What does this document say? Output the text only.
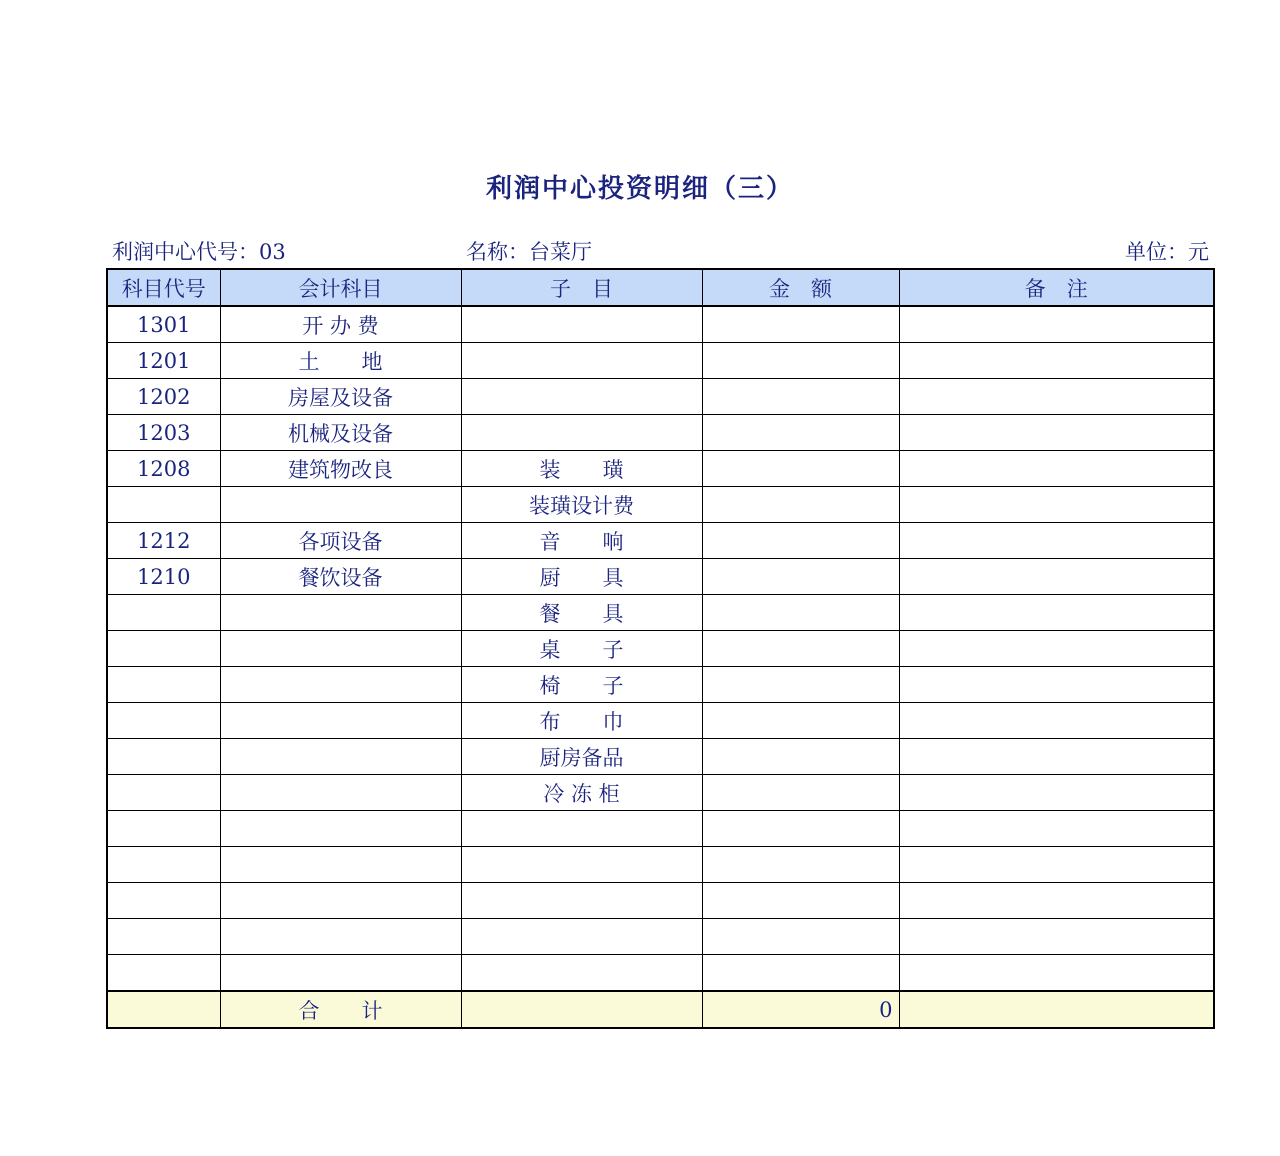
利润中心投资明细（三）
利润中心代号：03	名称：台菜厅	单位：元
科目代号	会计科目	子　目	金　额	备　注
1301	开 办 费			
1201	土　　地			
1202	房屋及设备			
1203	机械及设备			
1208	建筑物改良	装　　璜		
		装璜设计费		
1212	各项设备	音　　响		
1210	餐饮设备	厨　　具		
		餐　　具		
		桌　　子		
		椅　　子		
		布　　巾		
		厨房备品		
		冷 冻 柜		

	合　　计		0	
